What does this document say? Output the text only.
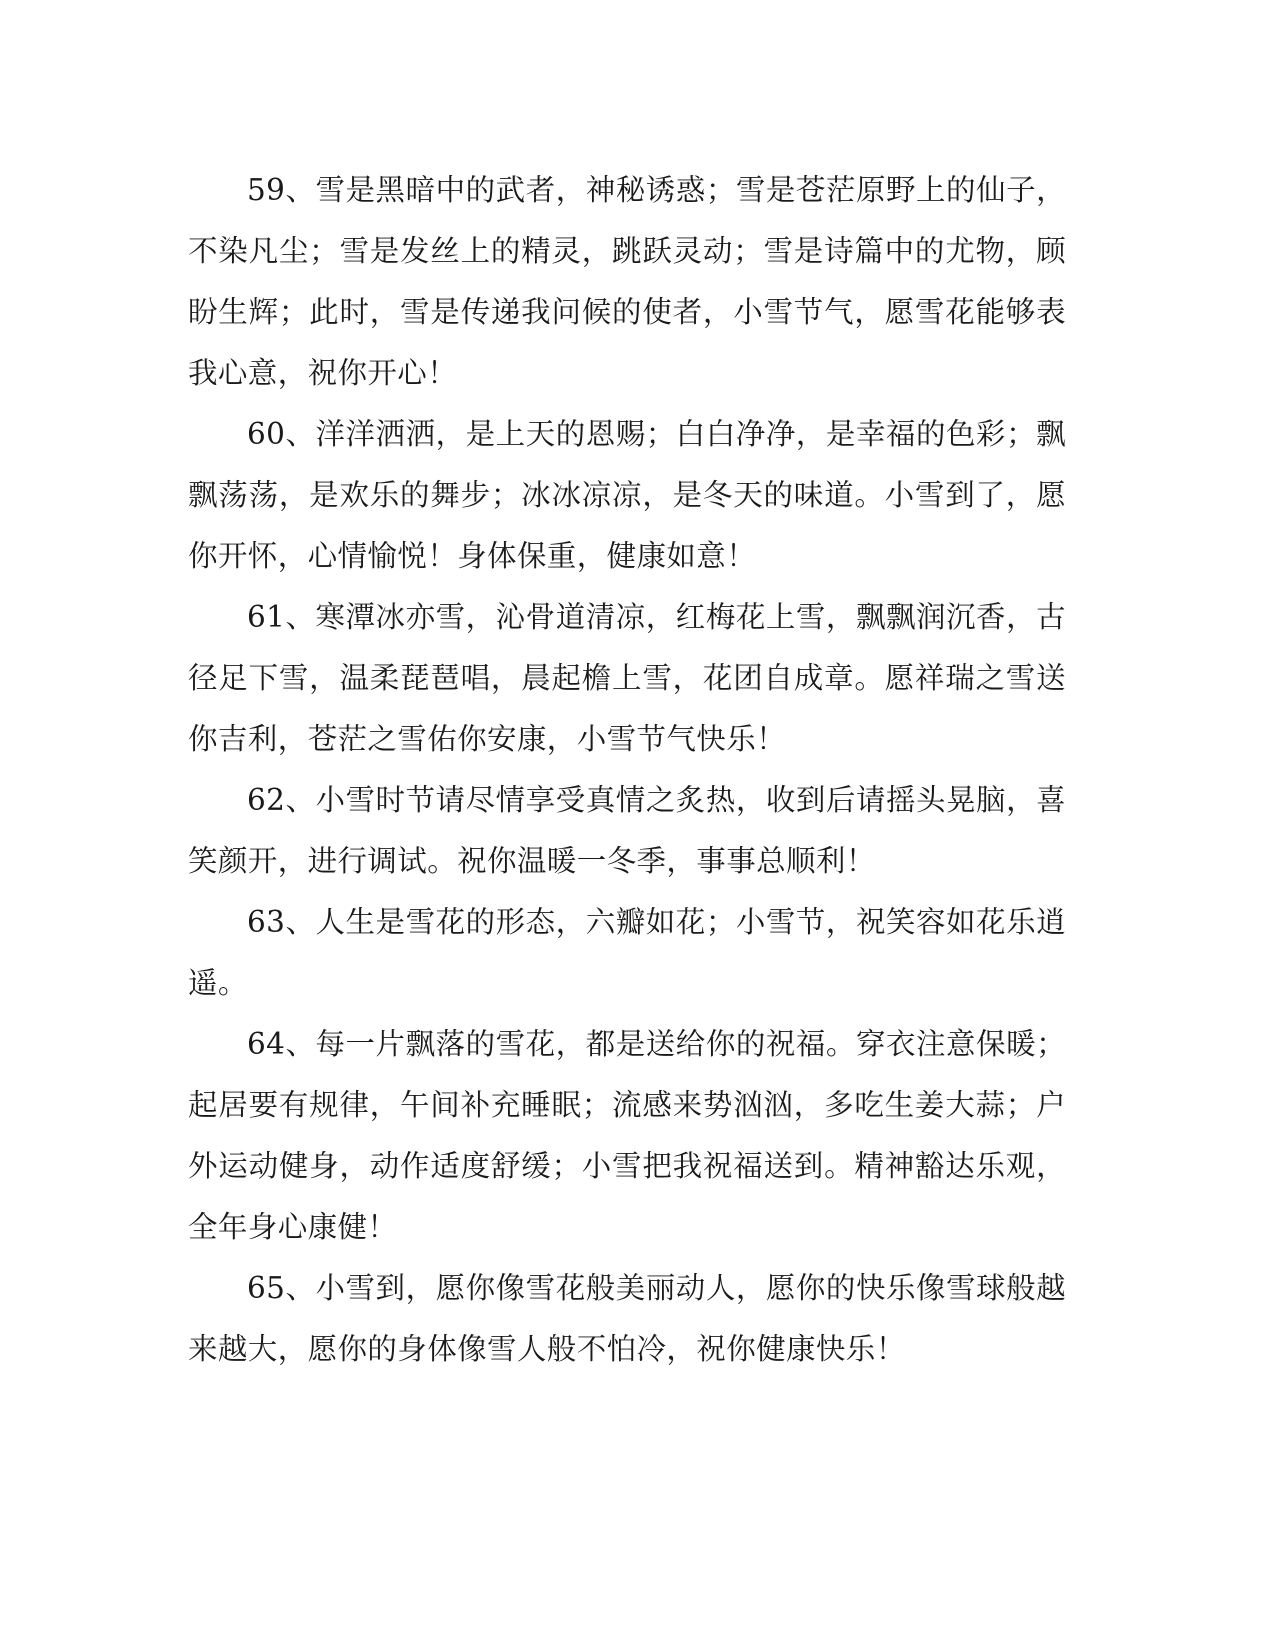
59、雪是黑暗中的武者，神秘诱惑；雪是苍茫原野上的仙子，不染凡尘；雪是发丝上的精灵，跳跃灵动；雪是诗篇中的尤物，顾盼生辉；此时，雪是传递我问候的使者，小雪节气，愿雪花能够表我心意，祝你开心！

60、洋洋洒洒，是上天的恩赐；白白净净，是幸福的色彩；飘飘荡荡，是欢乐的舞步；冰冰凉凉，是冬天的味道。小雪到了，愿你开怀，心情愉悦！身体保重，健康如意！

61、寒潭冰亦雪，沁骨道清凉，红梅花上雪，飘飘润沉香，古径足下雪，温柔琵琶唱，晨起檐上雪，花团自成章。愿祥瑞之雪送你吉利，苍茫之雪佑你安康，小雪节气快乐！

62、小雪时节请尽情享受真情之炙热，收到后请摇头晃脑，喜笑颜开，进行调试。祝你温暖一冬季，事事总顺利！

63、人生是雪花的形态，六瓣如花；小雪节，祝笑容如花乐逍遥。

64、每一片飘落的雪花，都是送给你的祝福。穿衣注意保暖；起居要有规律，午间补充睡眠；流感来势汹汹，多吃生姜大蒜；户外运动健身，动作适度舒缓；小雪把我祝福送到。精神豁达乐观，全年身心康健！

65、小雪到，愿你像雪花般美丽动人，愿你的快乐像雪球般越来越大，愿你的身体像雪人般不怕冷，祝你健康快乐！
